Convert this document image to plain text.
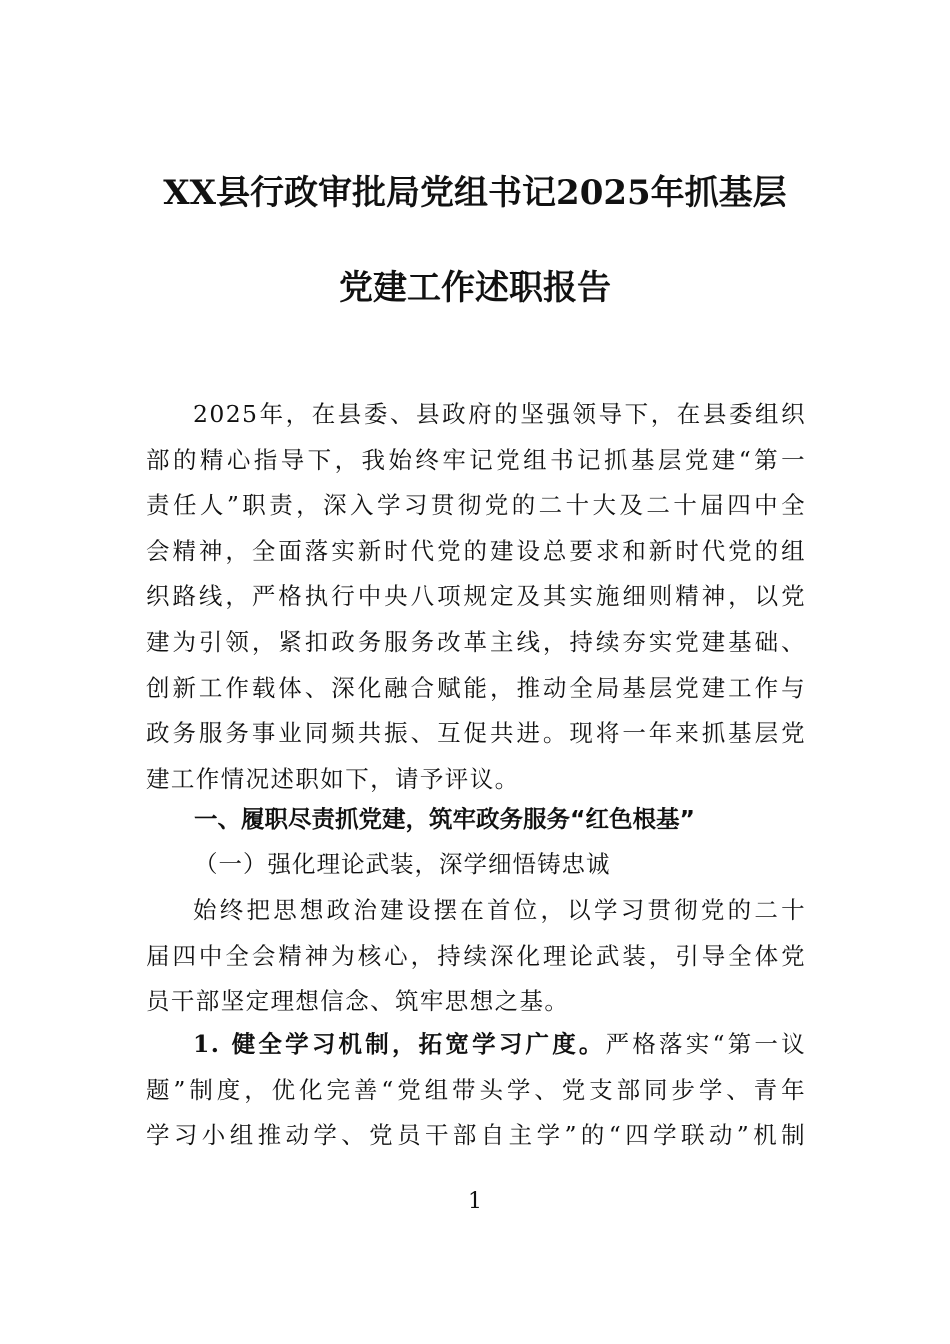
XX县行政审批局党组书记2025年抓基层
党建工作述职报告
2025年，在县委、县政府的坚强领导下，在县委组织
部的精心指导下，我始终牢记党组书记抓基层党建“第一
责任人”职责，深入学习贯彻党的二十大及二十届四中全
会精神，全面落实新时代党的建设总要求和新时代党的组
织路线，严格执行中央八项规定及其实施细则精神，以党
建为引领，紧扣政务服务改革主线，持续夯实党建基础、
创新工作载体、深化融合赋能，推动全局基层党建工作与
政务服务事业同频共振、互促共进。现将一年来抓基层党
建工作情况述职如下，请予评议。
一、履职尽责抓党建，筑牢政务服务“红色根基”
（一）强化理论武装，深学细悟铸忠诚
始终把思想政治建设摆在首位，以学习贯彻党的二十
届四中全会精神为核心，持续深化理论武装，引导全体党
员干部坚定理想信念、筑牢思想之基。
1. 健全学习机制，拓宽学习广度。严格落实“第一议
题”制度，优化完善“党组带头学、党支部同步学、青年
学习小组推动学、党员干部自主学”的“四学联动”机制
1
